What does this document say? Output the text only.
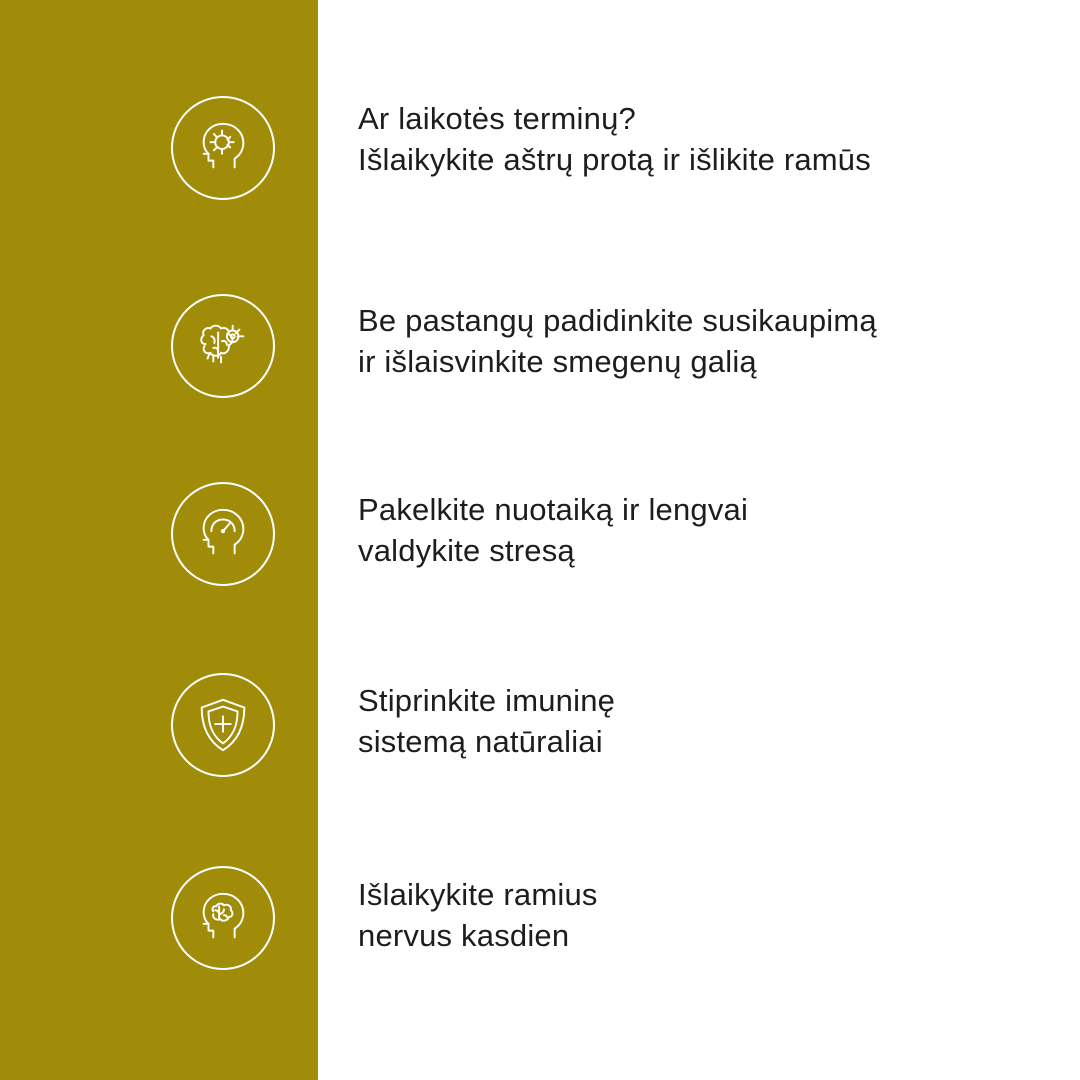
Ar laikotės terminų?
Išlaikykite aštrų protą ir išlikite ramūs
Be pastangų padidinkite susikaupimą
ir išlaisvinkite smegenų galią
Pakelkite nuotaiką ir lengvai
valdykite stresą
Stiprinkite imuninę
sistemą natūraliai
Išlaikykite ramius
nervus kasdien
